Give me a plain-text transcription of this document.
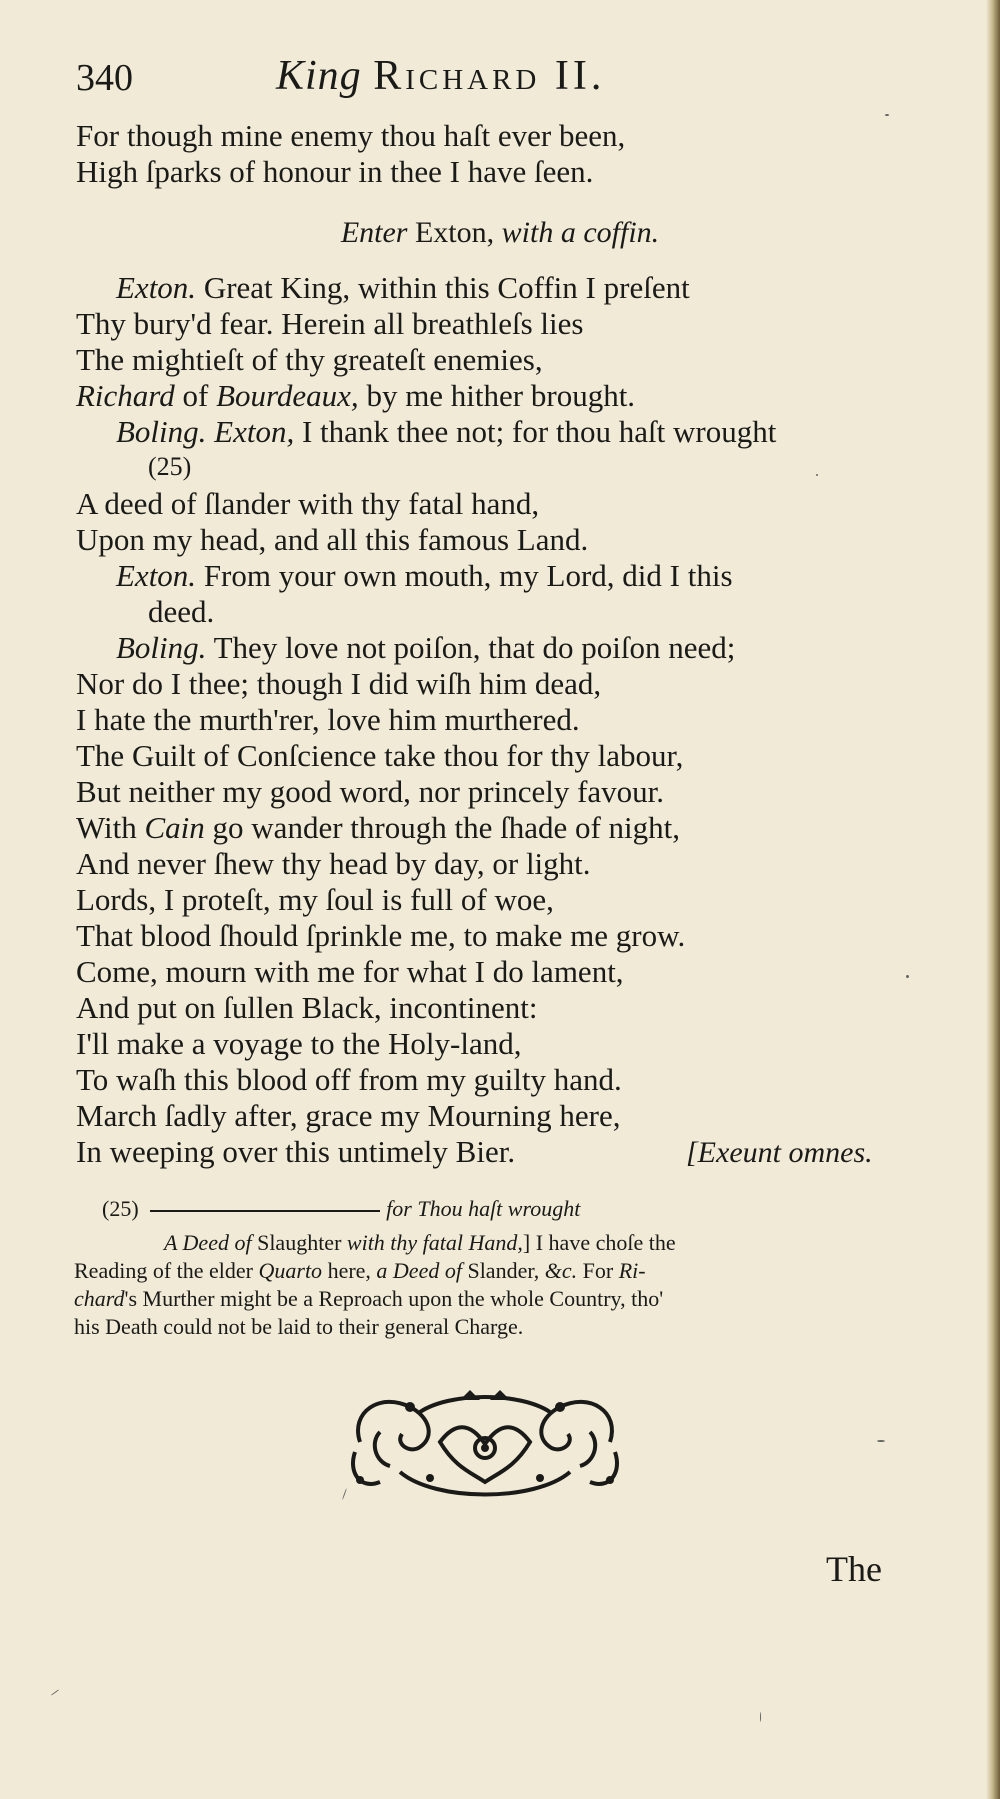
340	King Richard II.
For though mine enemy thou haſt ever been,
High ſparks of honour in thee I have ſeen.
Enter Exton, with a coffin.
Exton. Great King, within this Coffin I preſent
Thy bury'd fear. Herein all breathleſs lies
The mightieſt of thy greateſt enemies,
Richard of Bourdeaux, by me hither brought.
Boling. Exton, I thank thee not; for thou haſt wrought
(25)
A deed of ſlander with thy fatal hand,
Upon my head, and all this famous Land.
Exton. From your own mouth, my Lord, did I this
deed.
Boling. They love not poiſon, that do poiſon need;
Nor do I thee; though I did wiſh him dead,
I hate the murth'rer, love him murthered.
The Guilt of Conſcience take thou for thy labour,
But neither my good word, nor princely favour.
With Cain go wander through the ſhade of night,
And never ſhew thy head by day, or light.
Lords, I proteſt, my ſoul is full of woe,
That blood ſhould ſprinkle me, to make me grow.
Come, mourn with me for what I do lament,
And put on ſullen Black, incontinent:
I'll make a voyage to the Holy-land,
To waſh this blood off from my guilty hand.
March ſadly after, grace my Mourning here,
In weeping over this untimely Bier.	[Exeunt omnes.
(25)	for Thou haſt wrought
A Deed of Slaughter with thy fatal Hand,] I have choſe the
Reading of the elder Quarto here, a Deed of Slander, &c. For Ri-
chard's Murther might be a Reproach upon the whole Country, tho'
his Death could not be laid to their general Charge.
The
